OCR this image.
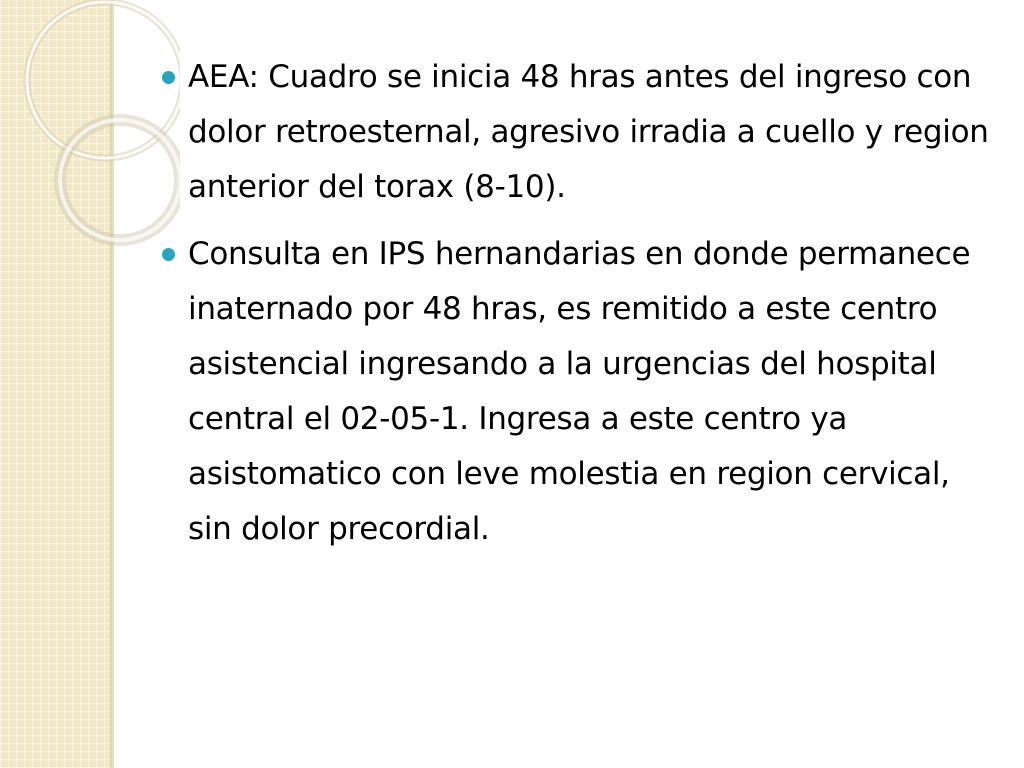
AEA: Cuadro se inicia 48 hras antes del ingreso con dolor retroesternal, agresivo irradia a cuello y region anterior del torax (8-10).
Consulta en IPS hernandarias en donde permanece inaternado por 48 hras, es remitido a este centro asistencial ingresando a la urgencias del hospital central el 02-05-1. Ingresa a este centro ya asistomatico con leve molestia en region cervical, sin dolor precordial.
